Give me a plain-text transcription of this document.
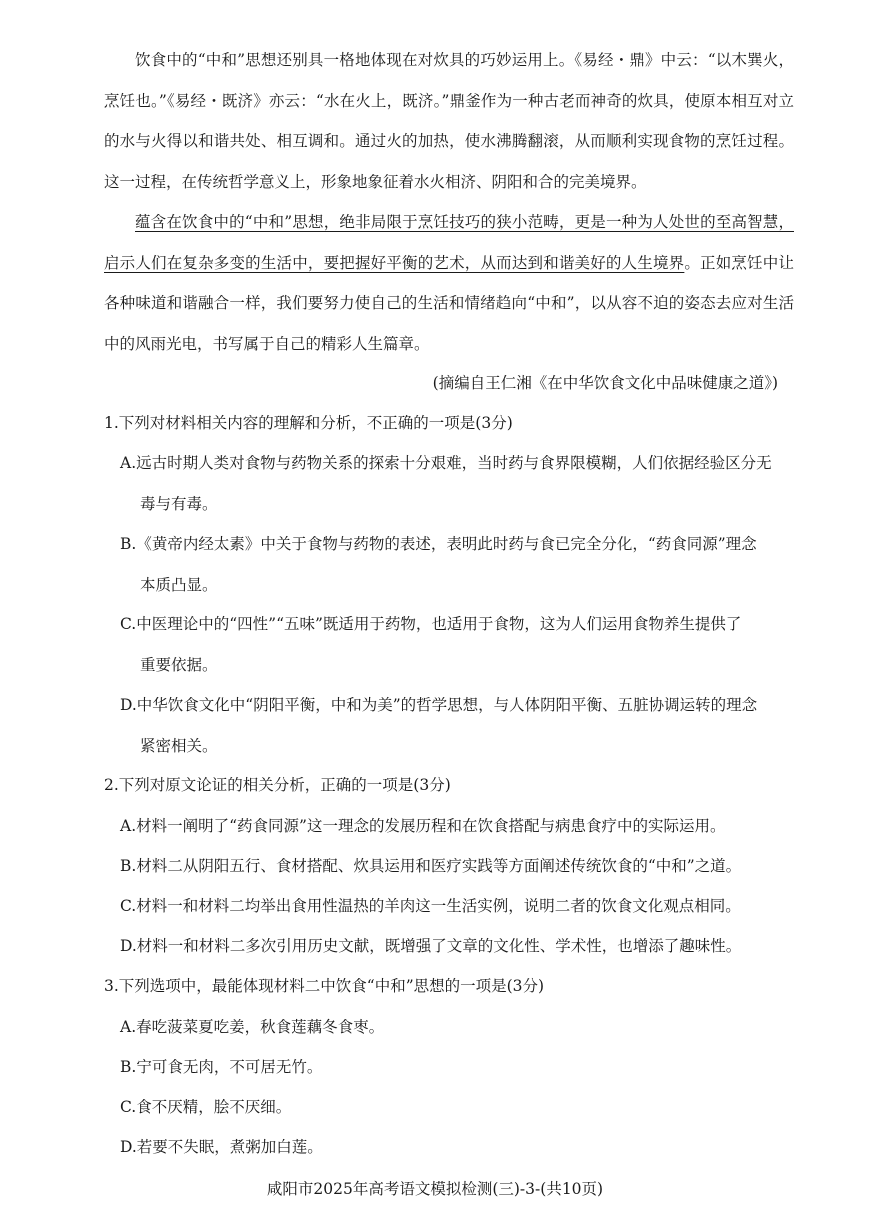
饮食中的“中和”思想还别具一格地体现在对炊具的巧妙运用上。《易经・鼎》中云：“以木巽火，烹饪也。”《易经・既济》亦云：“水在火上，既济。”鼎釜作为一种古老而神奇的炊具，使原本相互对立的水与火得以和谐共处、相互调和。通过火的加热，使水沸腾翻滚，从而顺利实现食物的烹饪过程。这一过程，在传统哲学意义上，形象地象征着水火相济、阴阳和合的完美境界。

蕴含在饮食中的“中和”思想，绝非局限于烹饪技巧的狭小范畴，更是一种为人处世的至高智慧，启示人们在复杂多变的生活中，要把握好平衡的艺术，从而达到和谐美好的人生境界。正如烹饪中让各种味道和谐融合一样，我们要努力使自己的生活和情绪趋向“中和”，以从容不迫的姿态去应对生活中的风雨光电，书写属于自己的精彩人生篇章。

(摘编自王仁湘《在中华饮食文化中品味健康之道》)

1.下列对材料相关内容的理解和分析，不正确的一项是(3分)

A.远古时期人类对食物与药物关系的探索十分艰难，当时药与食界限模糊，人们依据经验区分无
毒与有毒。

B.《黄帝内经太素》中关于食物与药物的表述，表明此时药与食已完全分化，“药食同源”理念
本质凸显。

C.中医理论中的“四性”“五味”既适用于药物，也适用于食物，这为人们运用食物养生提供了
重要依据。

D.中华饮食文化中“阴阳平衡，中和为美”的哲学思想，与人体阴阳平衡、五脏协调运转的理念
紧密相关。

2.下列对原文论证的相关分析，正确的一项是(3分)

A.材料一阐明了“药食同源”这一理念的发展历程和在饮食搭配与病患食疗中的实际运用。

B.材料二从阴阳五行、食材搭配、炊具运用和医疗实践等方面阐述传统饮食的“中和”之道。

C.材料一和材料二均举出食用性温热的羊肉这一生活实例，说明二者的饮食文化观点相同。

D.材料一和材料二多次引用历史文献，既增强了文章的文化性、学术性，也增添了趣味性。

3.下列选项中，最能体现材料二中饮食“中和”思想的一项是(3分)

A.春吃菠菜夏吃姜，秋食莲藕冬食枣。

B.宁可食无肉，不可居无竹。

C.食不厌精，脍不厌细。

D.若要不失眠，煮粥加白莲。

咸阳市2025年高考语文模拟检测(三)-3-(共10页)
